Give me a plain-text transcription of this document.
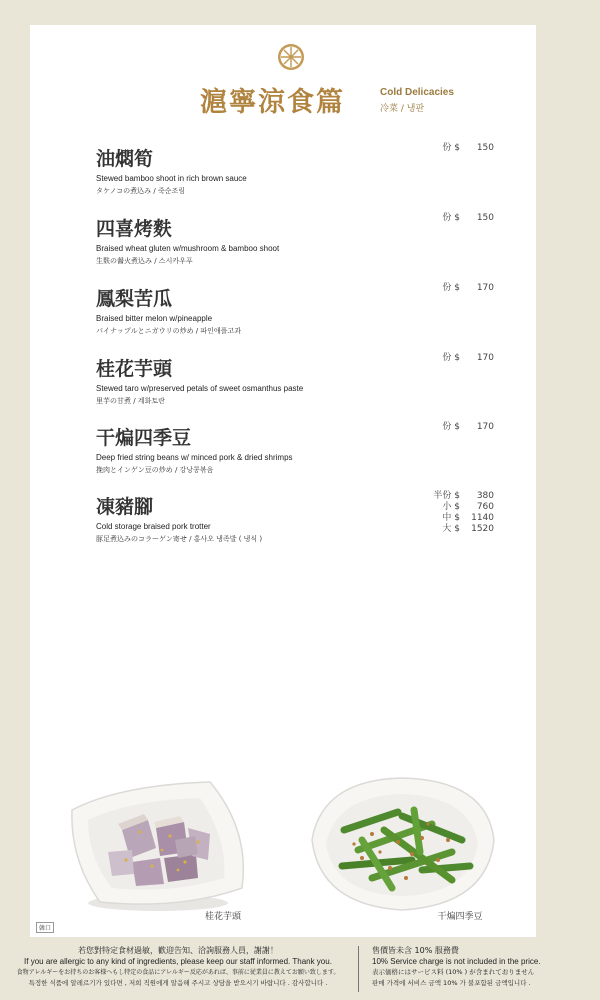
滬寧涼食篇	Cold Delicacies
冷菜 / 냉판
油燜筍
Stewed bamboo shoot in rich brown sauce
タケノコの煮込み / 죽순조림
份 $	150
四喜烤麩
Braised wheat gluten w/mushroom & bamboo shoot
生麩の醤火煮込み / 스시카우푸
份 $	150
鳳梨苦瓜
Braised bitter melon w/pineapple
パイナップルとニガウリの炒め / 파인애플고과
份 $	170
桂花芋頭
Stewed taro w/preserved petals of sweet osmanthus paste
里芋の甘煮 / 계화토란
份 $	170
干煸四季豆
Deep fried string beans w/ minced pork & dried shrimps
挽肉とインゲン豆の炒め / 강낭콩볶음
份 $	170
凍豬腳
Cold storage braised pork trotter
豚足煮込みのコラーゲン寄せ / 홍사오 냉족발 ( 냉식 )
半份 $	380
小 $	760
中 $	1140
大 $	1520
桂花芋頭	干煸四季豆
韓口
若您對特定食材過敏，歡迎告知、洽詢服務人員，謝謝！
If you are allergic to any kind of ingredients, please keep our staff informed. Thank you.
食物アレルギーをお持ちのお客様へもし特定の食品にアレルギー反応があれば、事前に従業員に教えてお願い致します。
특정한 식품에 알레르기가 있다면 , 저희 직원에게 알음해 주시고 상담을 받으시기 바랍니다 . 감사합니다 .
售價皆未含 10% 服務費
10% Service charge is not included in the price.
表示価格にはサービス料 (10% ) が含まれておりません
판매 가격에 서비스 금액 10% 가 불포함된 금액입니다 .
